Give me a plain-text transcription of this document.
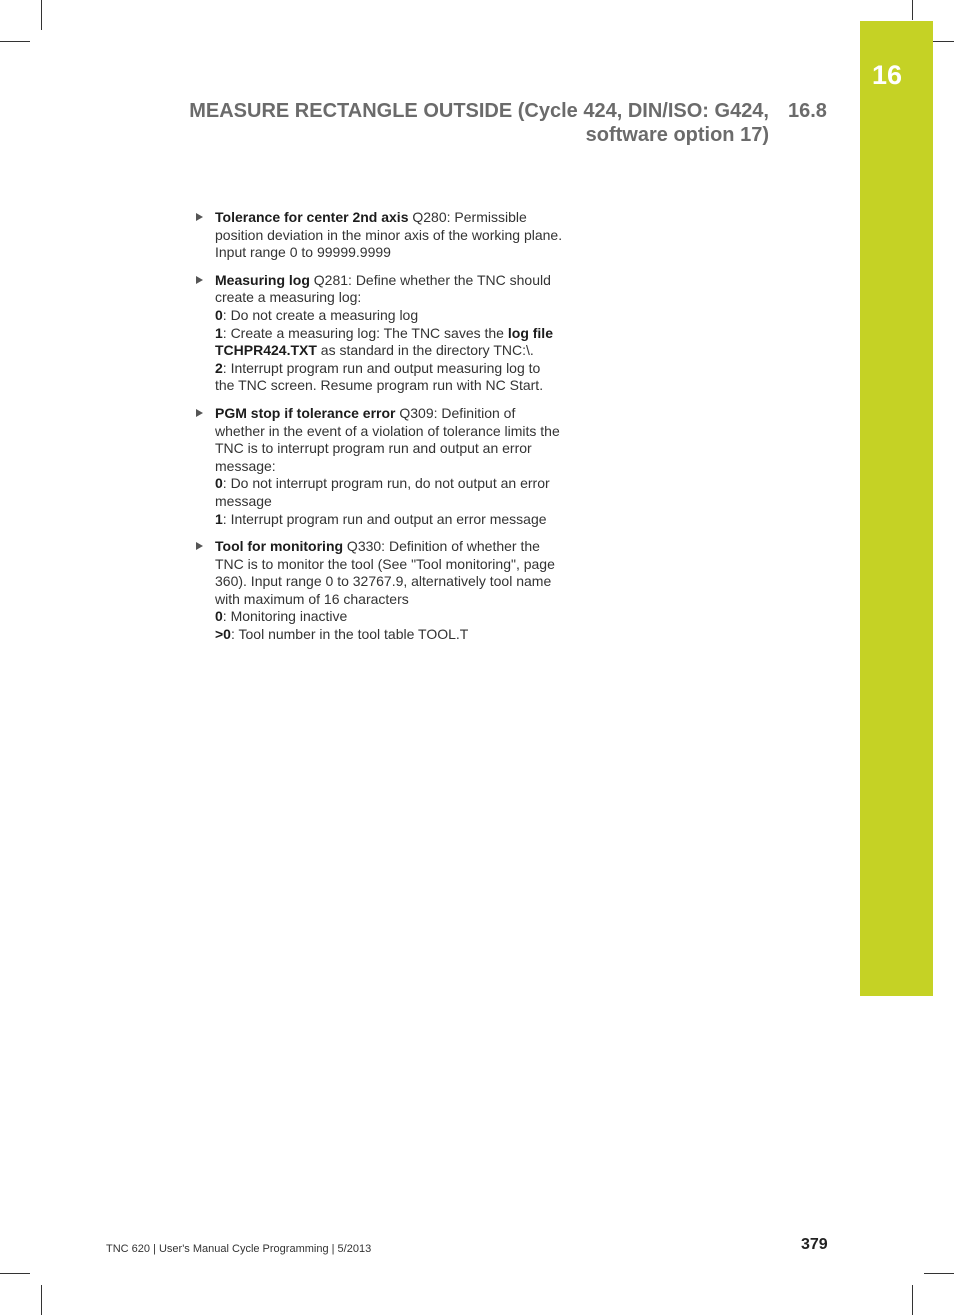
16
MEASURE RECTANGLE OUTSIDE (Cycle 424, DIN/ISO: G424,
software option 17)
16.8
Tolerance for center 2nd axis Q280: Permissible position deviation in the minor axis of the working plane. Input range 0 to 99999.9999
Measuring log Q281: Define whether the TNC should create a measuring log:
0: Do not create a measuring log
1: Create a measuring log: The TNC saves the log file TCHPR424.TXT as standard in the directory TNC:\.
2: Interrupt program run and output measuring log to the TNC screen. Resume program run with NC Start.
PGM stop if tolerance error Q309: Definition of whether in the event of a violation of tolerance limits the TNC is to interrupt program run and output an error message:
0: Do not interrupt program run, do not output an error message
1: Interrupt program run and output an error message
Tool for monitoring Q330: Definition of whether the TNC is to monitor the tool (See "Tool monitoring", page 360). Input range 0 to 32767.9, alternatively tool name with maximum of 16 characters
0: Monitoring inactive
>0: Tool number in the tool table TOOL.T
TNC 620 | User's Manual Cycle Programming | 5/2013	379
